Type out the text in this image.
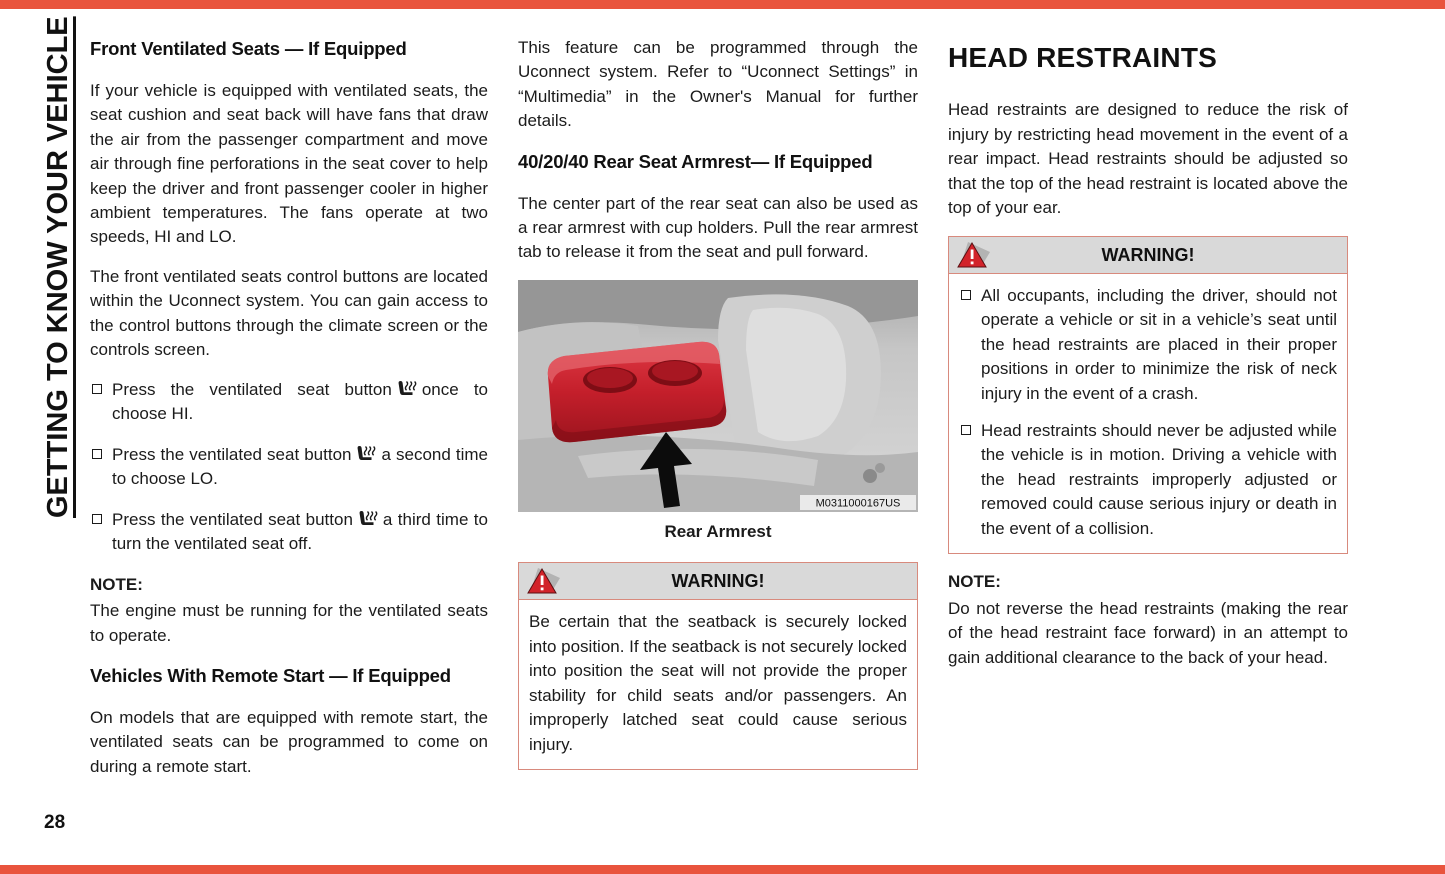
GETTING TO KNOW YOUR VEHICLE Front Ventilated Seats — If Equipped

If your vehicle is equipped with ventilated seats, the seat cushion and seat back will have fans that draw the air from the passenger compartment and move air through fine perforations in the seat cover to help keep the driver and front passenger cooler in higher ambient temperatures. The fans operate at two speeds, HI and LO.

The front ventilated seats control buttons are located within the Uconnect system. You can gain access to the control buttons through the climate screen or the controls screen.

Press the ventilated seat button once to choose HI.
Press the ventilated seat button a second time to choose LO.
Press the ventilated seat button a third time to turn the ventilated seat off.
NOTE:

The engine must be running for the ventilated seats to operate.

Vehicles With Remote Start — If Equipped

On models that are equipped with remote start, the ventilated seats can be programmed to come on during a remote start.

This feature can be programmed through the Uconnect system. Refer to “Uconnect Settings” in “Multimedia” in the Owner's Manual for further details.

40/20/40 Rear Seat Armrest— If Equipped

The center part of the rear seat can also be used as a rear armrest with cup holders. Pull the rear armrest tab to release it from the seat and pull forward.

M0311000167US
Rear Armrest
WARNING!

Be certain that the seatback is securely locked into position. If the seatback is not securely locked into position the seat will not provide the proper stability for child seats and/or passengers. An improperly latched seat could cause serious injury.

HEAD RESTRAINTS

Head restraints are designed to reduce the risk of injury by restricting head movement in the event of a rear impact. Head restraints should be adjusted so that the top of the head restraint is located above the top of your ear.

WARNING!
All occupants, including the driver, should not operate a vehicle or sit in a vehicle’s seat until the head restraints are placed in their proper positions in order to minimize the risk of neck injury in the event of a crash.
Head restraints should never be adjusted while the vehicle is in motion. Driving a vehicle with the head restraints improperly adjusted or removed could cause serious injury or death in the event of a collision.
NOTE:

Do not reverse the head restraints (making the rear of the head restraint face forward) in an attempt to gain additional clearance to the back of your head.

28
